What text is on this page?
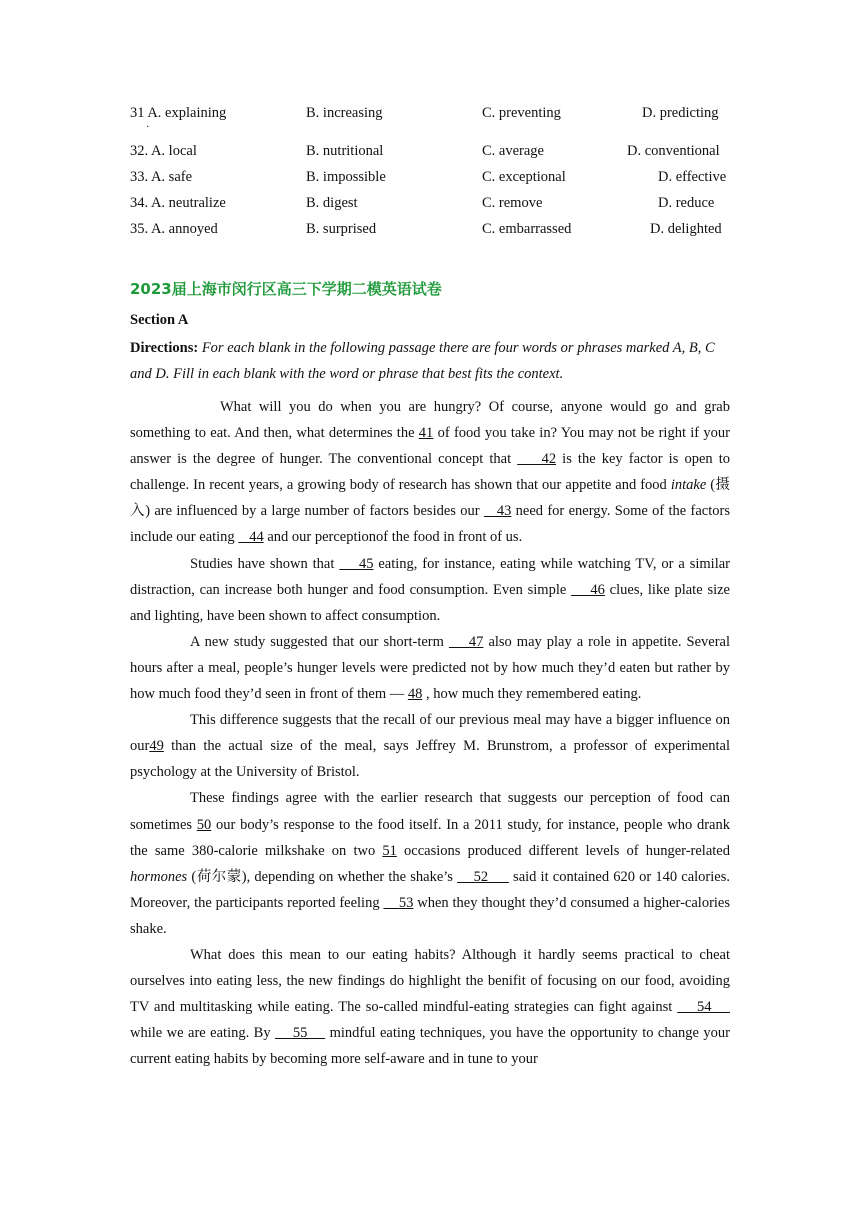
31 A. explaining	B. increasing	C. preventing	D. predicting
32. A. local	B. nutritional	C. average	D. conventional
33. A. safe	B. impossible	C. exceptional	D. effective
34. A. neutralize	B. digest	C. remove	D. reduce
35. A. annoyed	B. surprised	C. embarrassed	D. delighted
·
2023届上海市闵行区高三下学期二模英语试卷
Section A
Directions: For each blank in the following passage there are four words or phrases marked A, B, C and D. Fill in each blank with the word or phrase that best fits the context.

What will you do when you are hungry? Of course, anyone would go and grab something to eat. And then, what determines the 41 of food you take in? You may not be right if your answer is the degree of hunger. The conventional concept that     42 is the key factor is open to challenge. In recent years, a growing body of research has shown that our appetite and food intake (摄入) are influenced by a large number of factors besides our    43 need for energy. Some of the factors include our eating    44 and our perceptionof the food in front of us.

Studies have shown that     45 eating, for instance, eating while watching TV, or a similar distraction, can increase both hunger and food consumption. Even simple     46 clues, like plate size and lighting, have been shown to affect consumption.

A new study suggested that our short-term     47 also may play a role in appetite. Several hours after a meal, people’s hunger levels were predicted not by how much they’d eaten but rather by how much food they’d seen in front of them — 48 , how much they remembered eating.

This difference suggests that the recall of our previous meal may have a bigger influence on our49 than the actual size of the meal, says Jeffrey M. Brunstrom, a professor of experimental psychology at the University of Bristol.

These findings agree with the earlier research that suggests our perception of food can sometimes 50 our body’s response to the food itself. In a 2011 study, for instance, people who drank the same 380-calorie milkshake on two 51 occasions produced different levels of hunger-related hormones (荷尔蒙), depending on whether the shake’s     52      said it contained 620 or 140 calories. Moreover, the participants reported feeling     53 when they thought they’d consumed a higher-calories shake.

What does this mean to our eating habits? Although it hardly seems practical to cheat ourselves into eating less, the new findings do highlight the benifit of focusing on our food, avoiding TV and multitasking while eating. The so-called mindful-eating strategies can fight against     54     while we are eating. By     55     mindful eating techniques, you have the opportunity to change your current eating habits by becoming more self-aware and in tune to your
